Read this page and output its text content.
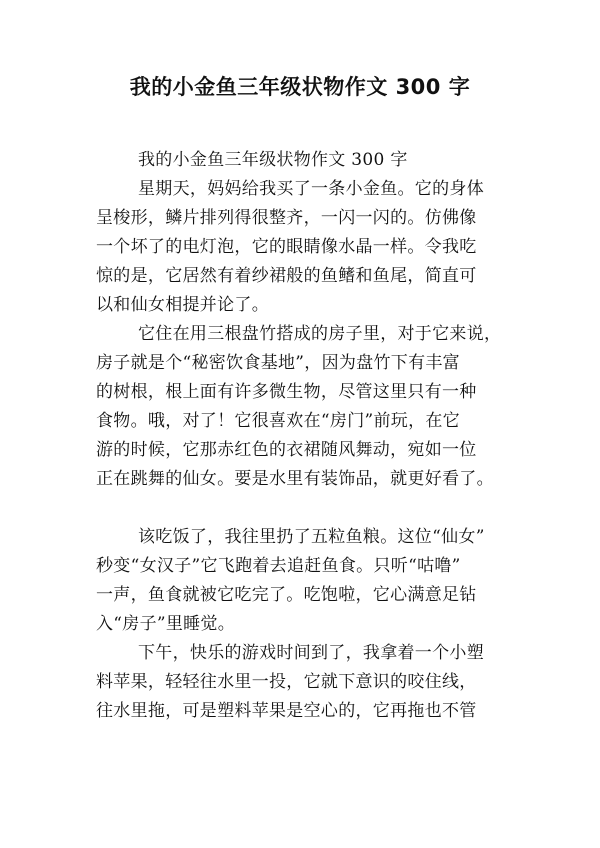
我的小金鱼三年级状物作文 300 字
我的小金鱼三年级状物作文 300 字
星期天，妈妈给我买了一条小金鱼。它的身体
呈梭形，鳞片排列得很整齐，一闪一闪的。仿佛像
一个坏了的电灯泡，它的眼睛像水晶一样。令我吃
惊的是，它居然有着纱裙般的鱼鳍和鱼尾，简直可
以和仙女相提并论了。
它住在用三根盘竹搭成的房子里，对于它来说，
房子就是个“秘密饮食基地”，因为盘竹下有丰富
的树根，根上面有许多微生物，尽管这里只有一种
食物。哦，对了！它很喜欢在“房门”前玩，在它
游的时候，它那赤红色的衣裙随风舞动，宛如一位
正在跳舞的仙女。要是水里有装饰品，就更好看了。
该吃饭了，我往里扔了五粒鱼粮。这位“仙女”
秒变“女汉子”它飞跑着去追赶鱼食。只听“咕噜”
一声，鱼食就被它吃完了。吃饱啦，它心满意足钻
入“房子”里睡觉。
下午，快乐的游戏时间到了，我拿着一个小塑
料苹果，轻轻往水里一投，它就下意识的咬住线，
往水里拖，可是塑料苹果是空心的，它再拖也不管
